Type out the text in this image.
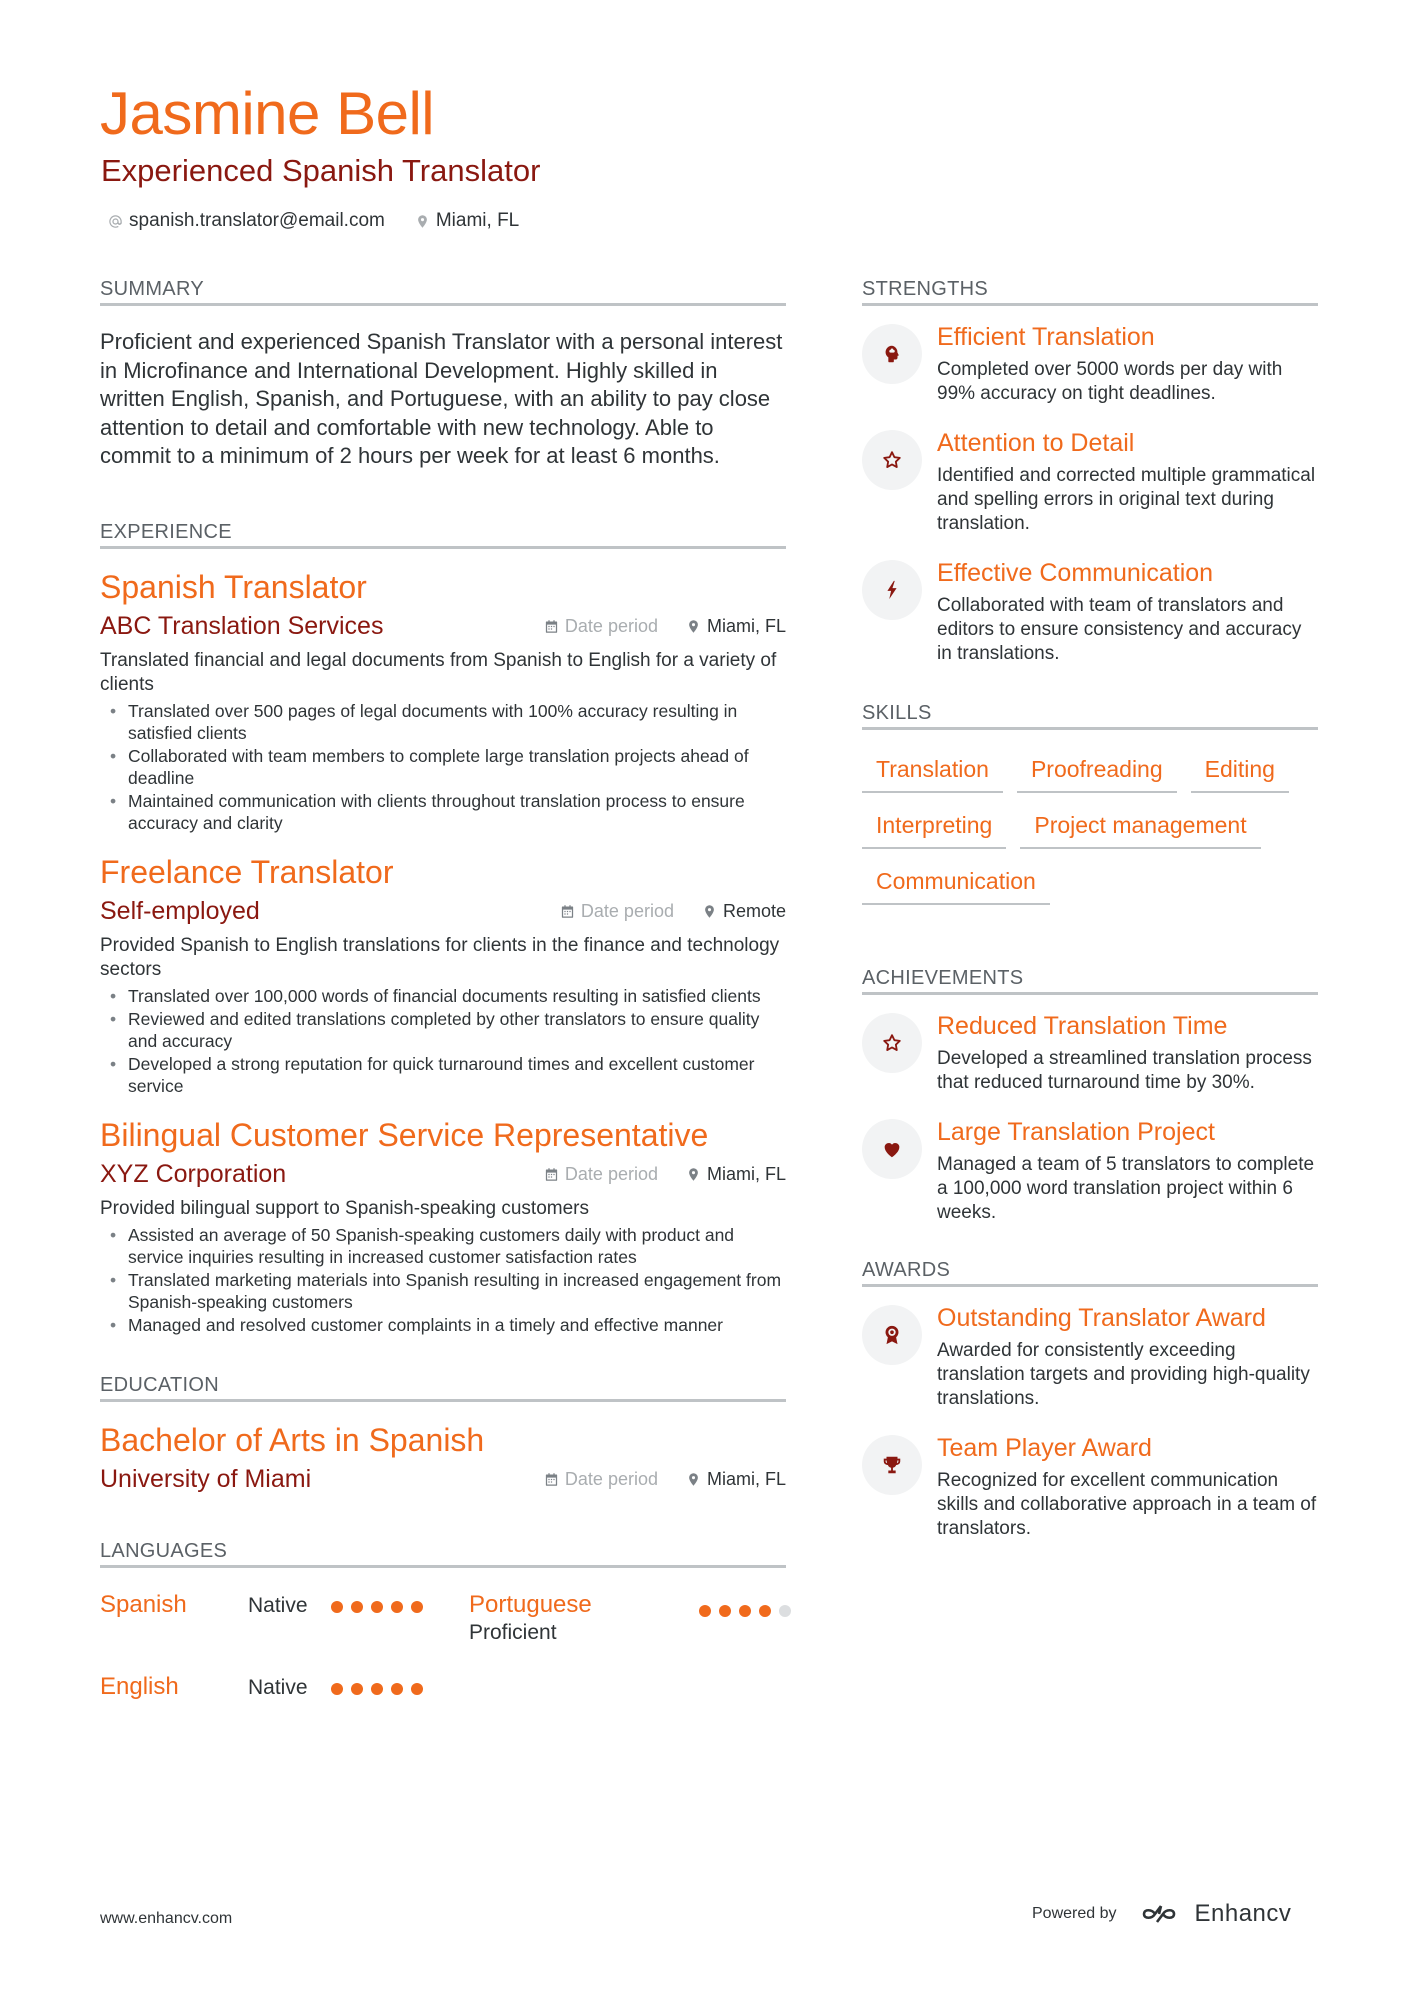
Jasmine Bell
Experienced Spanish Translator
spanish.translator@email.com	Miami, FL
SUMMARY
Proficient and experienced Spanish Translator with a personal interest in Microfinance and International Development. Highly skilled in written English, Spanish, and Portuguese, with an ability to pay close attention to detail and comfortable with new technology. Able to commit to a minimum of 2 hours per week for at least 6 months.
EXPERIENCE
Spanish Translator
ABC Translation Services	Date period	Miami, FL
Translated financial and legal documents from Spanish to English for a variety of clients
• Translated over 500 pages of legal documents with 100% accuracy resulting in satisfied clients
• Collaborated with team members to complete large translation projects ahead of deadline
• Maintained communication with clients throughout translation process to ensure accuracy and clarity
Freelance Translator
Self-employed	Date period	Remote
Provided Spanish to English translations for clients in the finance and technology sectors
• Translated over 100,000 words of financial documents resulting in satisfied clients
• Reviewed and edited translations completed by other translators to ensure quality and accuracy
• Developed a strong reputation for quick turnaround times and excellent customer service
Bilingual Customer Service Representative
XYZ Corporation	Date period	Miami, FL
Provided bilingual support to Spanish-speaking customers
• Assisted an average of 50 Spanish-speaking customers daily with product and service inquiries resulting in increased customer satisfaction rates
• Translated marketing materials into Spanish resulting in increased engagement from Spanish-speaking customers
• Managed and resolved customer complaints in a timely and effective manner
EDUCATION
Bachelor of Arts in Spanish
University of Miami	Date period	Miami, FL
LANGUAGES
Spanish	Native	Portuguese
Proficient
English	Native
STRENGTHS
Efficient Translation
Completed over 5000 words per day with 99% accuracy on tight deadlines.
Attention to Detail
Identified and corrected multiple grammatical and spelling errors in original text during translation.
Effective Communication
Collaborated with team of translators and editors to ensure consistency and accuracy in translations.
SKILLS
Translation	Proofreading	Editing
Interpreting	Project management
Communication
ACHIEVEMENTS
Reduced Translation Time
Developed a streamlined translation process that reduced turnaround time by 30%.
Large Translation Project
Managed a team of 5 translators to complete a 100,000 word translation project within 6 weeks.
AWARDS
Outstanding Translator Award
Awarded for consistently exceeding translation targets and providing high-quality translations.
Team Player Award
Recognized for excellent communication skills and collaborative approach in a team of translators.
www.enhancv.com	Powered by	Enhancv
